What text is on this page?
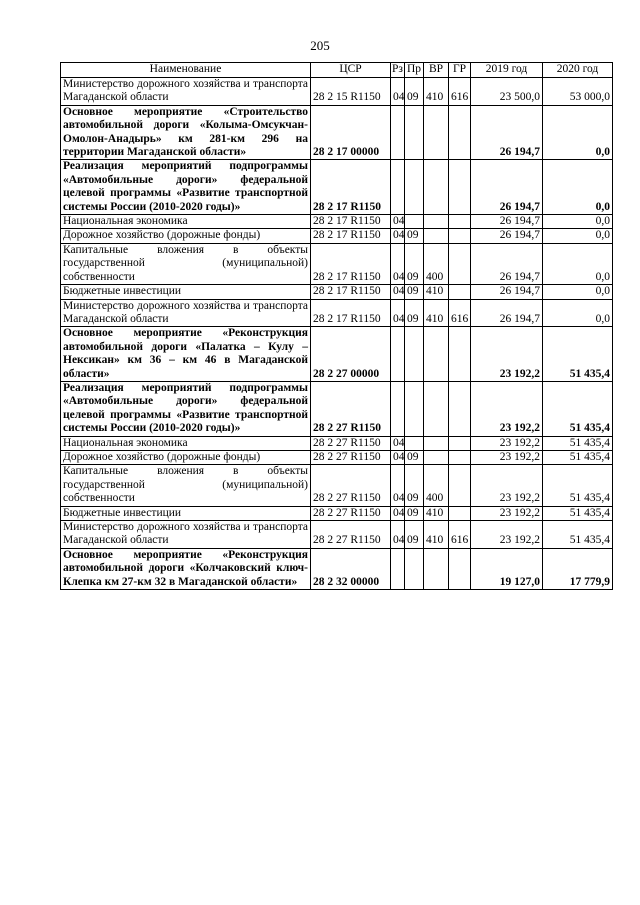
205
Наименование	ЦСР	Рз	Пр	ВР	ГР	2019 год	2020 год
Министерство дорожного хозяйства и транспорта Магаданской области	28 2 15 R1150	04	09	410	616	23 500,0	53 000,0
Основное мероприятие «Строительство автомобильной дороги «Колыма-Омсукчан-Омолон-Анадырь» км 281-км 296 на территории Магаданской области»	28 2 17 00000					26 194,7	0,0
Реализация мероприятий подпрограммы «Автомобильные дороги» федеральной целевой программы «Развитие транспортной системы России (2010-2020 годы)»	28 2 17 R1150					26 194,7	0,0
Национальная экономика	28 2 17 R1150	04				26 194,7	0,0
Дорожное хозяйство (дорожные фонды)	28 2 17 R1150	04	09			26 194,7	0,0
Капитальные вложения в объекты государственной (муниципальной) собственности	28 2 17 R1150	04	09	400		26 194,7	0,0
Бюджетные инвестиции	28 2 17 R1150	04	09	410		26 194,7	0,0
Министерство дорожного хозяйства и транспорта Магаданской области	28 2 17 R1150	04	09	410	616	26 194,7	0,0
Основное мероприятие «Реконструкция автомобильной дороги «Палатка – Кулу – Нексикан» км 36 – км 46 в Магаданской области»	28 2 27 00000					23 192,2	51 435,4
Реализация мероприятий подпрограммы «Автомобильные дороги» федеральной целевой программы «Развитие транспортной системы России (2010-2020 годы)»	28 2 27 R1150					23 192,2	51 435,4
Национальная экономика	28 2 27 R1150	04				23 192,2	51 435,4
Дорожное хозяйство (дорожные фонды)	28 2 27 R1150	04	09			23 192,2	51 435,4
Капитальные вложения в объекты государственной (муниципальной) собственности	28 2 27 R1150	04	09	400		23 192,2	51 435,4
Бюджетные инвестиции	28 2 27 R1150	04	09	410		23 192,2	51 435,4
Министерство дорожного хозяйства и транспорта Магаданской области	28 2 27 R1150	04	09	410	616	23 192,2	51 435,4
Основное мероприятие «Реконструкция автомобильной дороги «Колчаковский ключ-Клепка км 27-км 32 в Магаданской области»	28 2 32 00000					19 127,0	17 779,9
